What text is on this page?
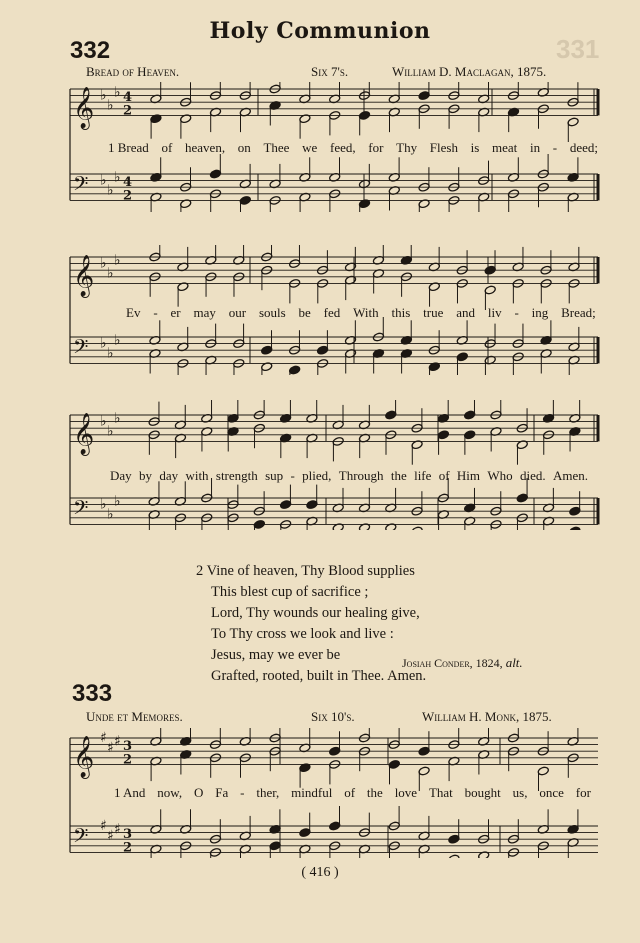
331
Holy Communion
332
Bread of Heaven.	Six 7's.	William D. Maclagan, 1875.
𝄞 ♭
♭
♭ 4
2
𝄢 ♭
♭
♭ 4
2
𝄞 ♭
♭
♭
𝄢 ♭
♭
♭
𝄞 ♭
♭
♭
𝄢 ♭
♭
♭
1 Bread of heaven, on Thee we feed, for Thy Flesh is meat in - deed;
Ev - er may our souls be fed With this true and liv - ing Bread;
Day by day with strength sup - plied, Through the life of Him Who died. Amen.
2 Vine of heaven, Thy Blood supplies
This blest cup of sacrifice ;
Lord, Thy wounds our healing give,
To Thy cross we look and live :
Jesus, may we ever be
Grafted, rooted, built in Thee. Amen.
Josiah Conder, 1824, alt.
333
Unde et Memores.	Six 10's.	William H. Monk, 1875.
𝄞 ♯
♯ ♯ 3
2
𝄢 ♯
♯ ♯ 3
2
1 And now, O Fa - ther, mindful of the love That bought us, once for
( 416 )
